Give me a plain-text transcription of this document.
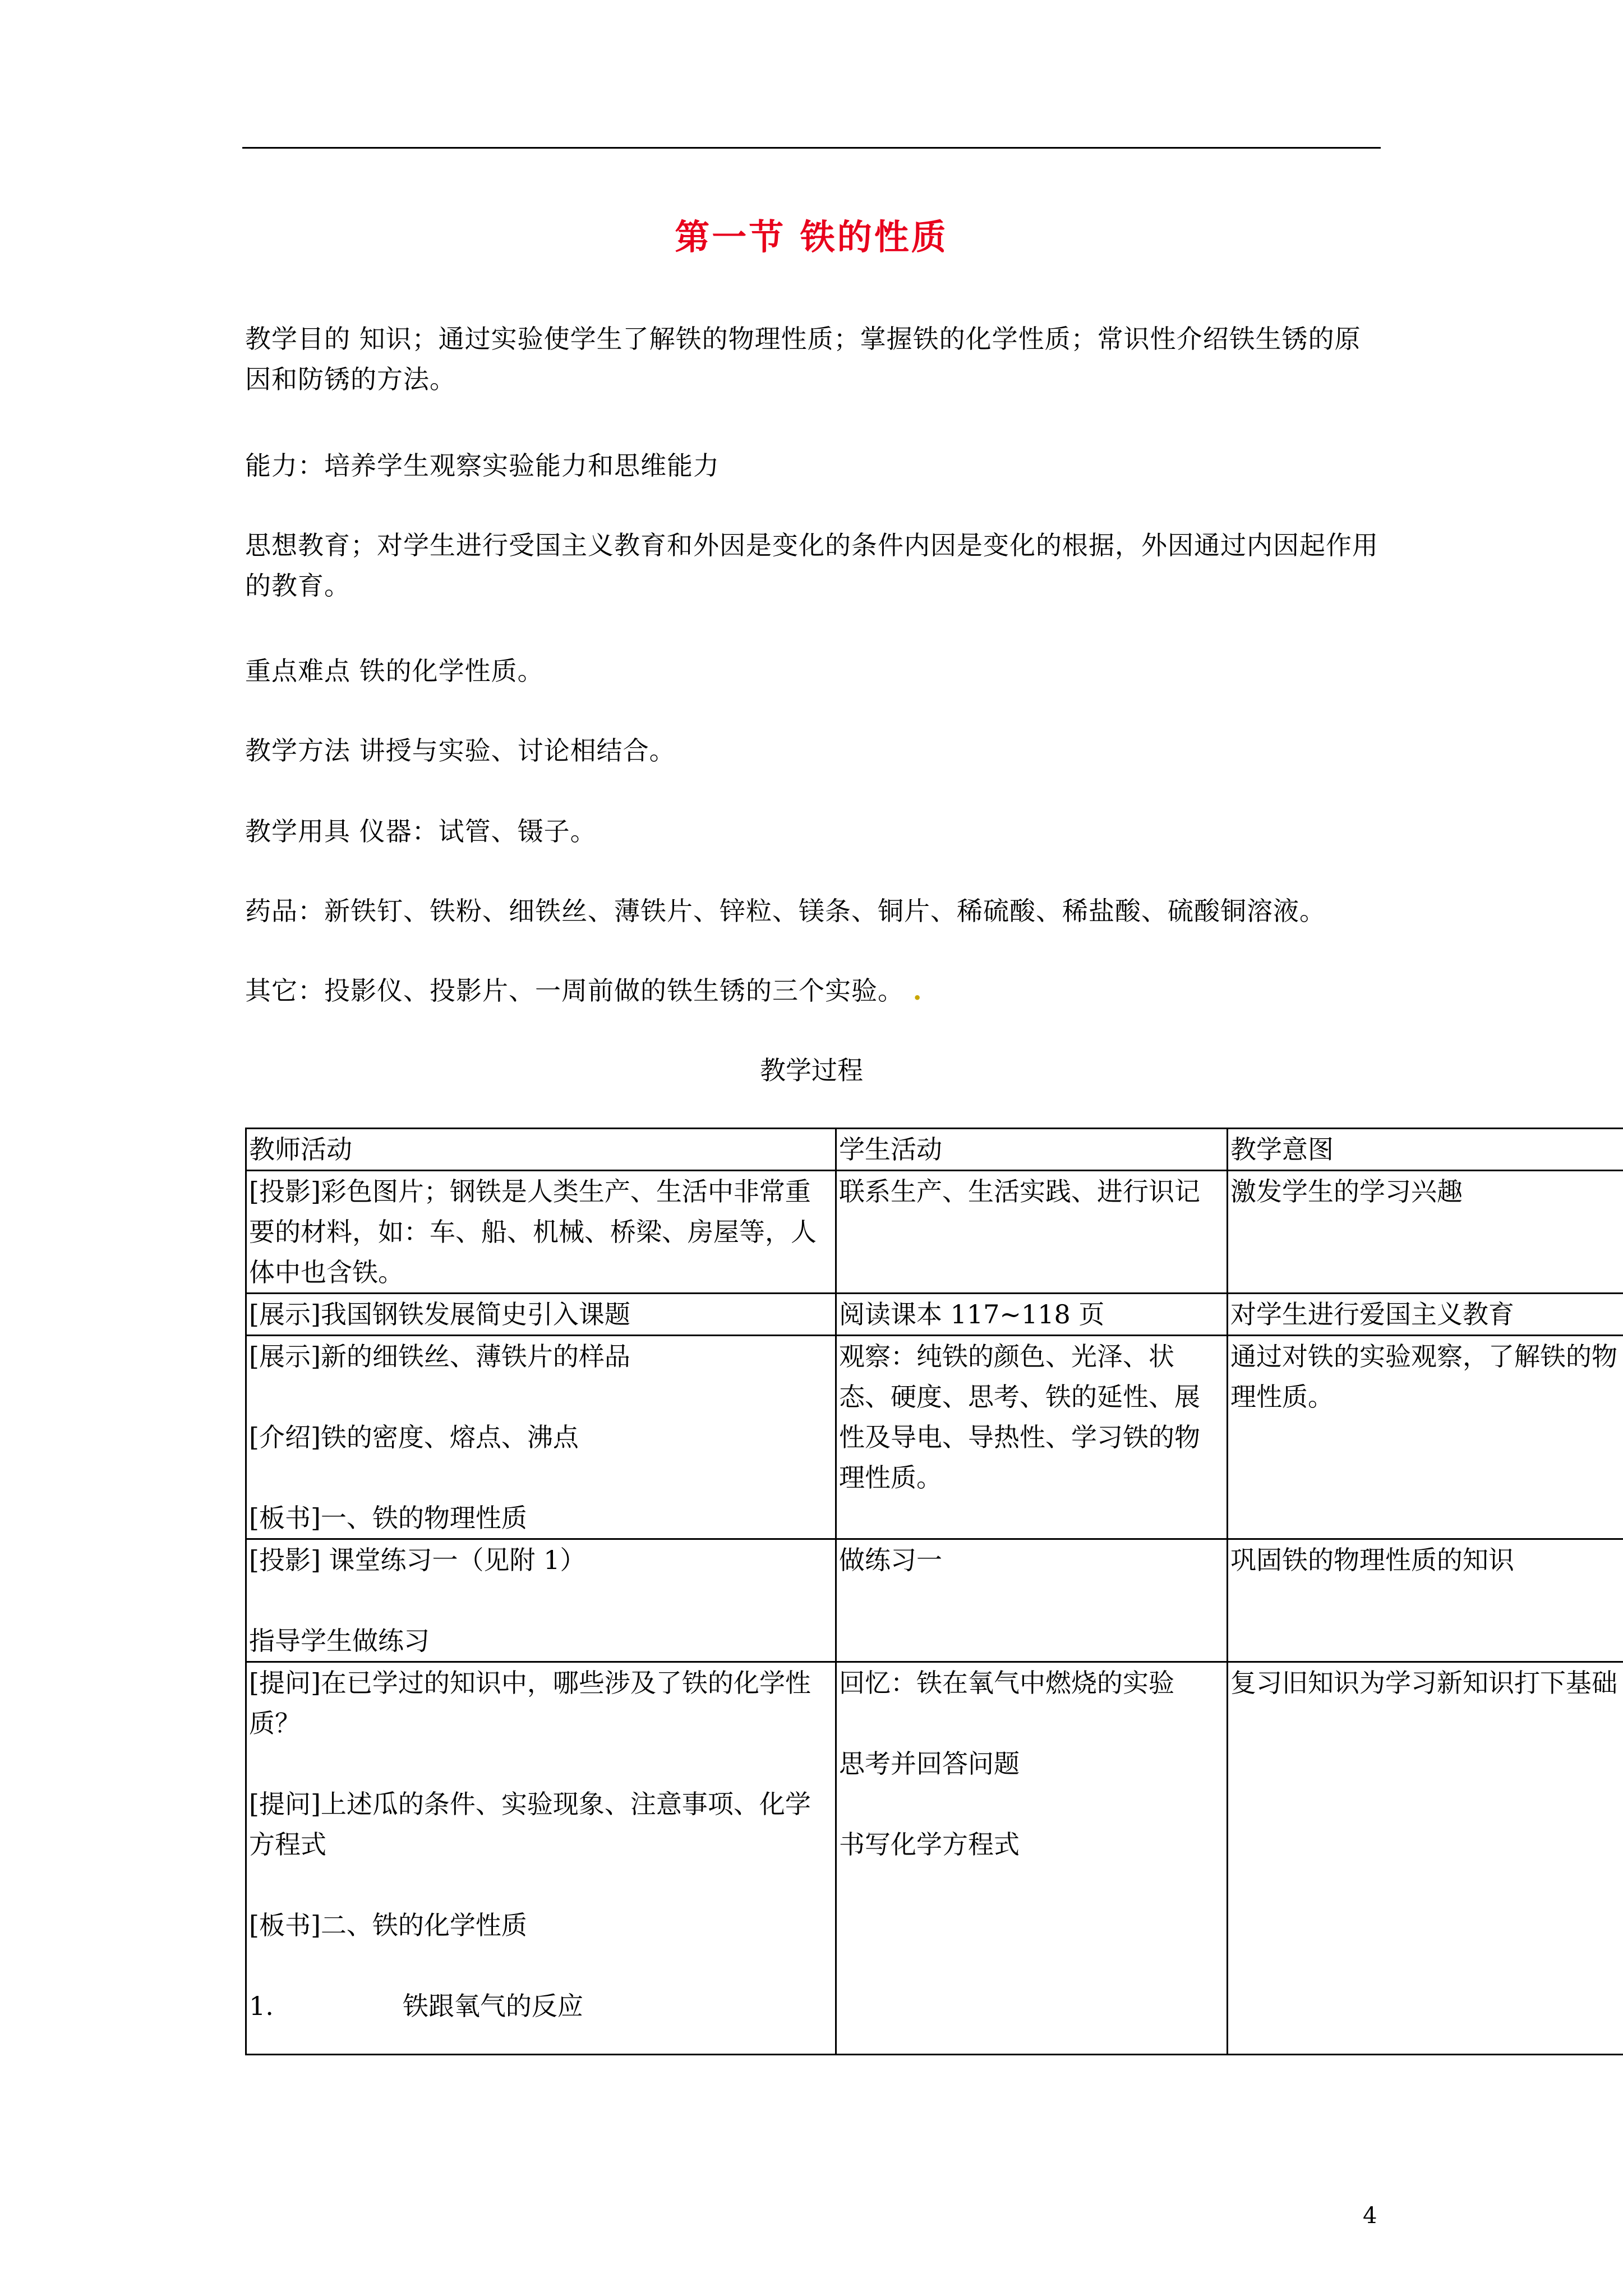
第一节 铁的性质
教学目的 知识；通过实验使学生了解铁的物理性质；掌握铁的化学性质；常识性介绍铁生锈的原因和防锈的方法。
能力：培养学生观察实验能力和思维能力
思想教育；对学生进行受国主义教育和外因是变化的条件内因是变化的根据，外因通过内因起作用的教育。
重点难点 铁的化学性质。
教学方法 讲授与实验、讨论相结合。
教学用具 仪器：试管、镊子。
药品：新铁钉、铁粉、细铁丝、薄铁片、锌粒、镁条、铜片、稀硫酸、稀盐酸、硫酸铜溶液。
其它：投影仪、投影片、一周前做的铁生锈的三个实验。 .
教学过程
教师活动	学生活动	教学意图

[投影]彩色图片；钢铁是人类生产、生活中非常重要的材料，如：车、船、机械、桥梁、房屋等，人体中也含铁。	联系生产、生活实践、进行识记	激发学生的学习兴趣

[展示]我国钢铁发展简史引入课题	阅读课本 117~118 页	对学生进行爱国主义教育

[展示]新的细铁丝、薄铁片的样品
[介绍]铁的密度、熔点、沸点
[板书]一、铁的物理性质	观察：纯铁的颜色、光泽、状态、硬度、思考、铁的延性、展性及导电、导热性、学习铁的物理性质。	通过对铁的实验观察，了解铁的物理性质。

[投影] 课堂练习一（见附 1）
指导学生做练习	做练习一	巩固铁的物理性质的知识

[提问]在已学过的知识中，哪些涉及了铁的化学性质？
[提问]上述瓜的条件、实验现象、注意事项、化学方程式
[板书]二、铁的化学性质
1.　　　　　铁跟氧气的反应	回忆：铁在氧气中燃烧的实验
思考并回答问题
书写化学方程式	复习旧知识为学习新知识打下基础
4
